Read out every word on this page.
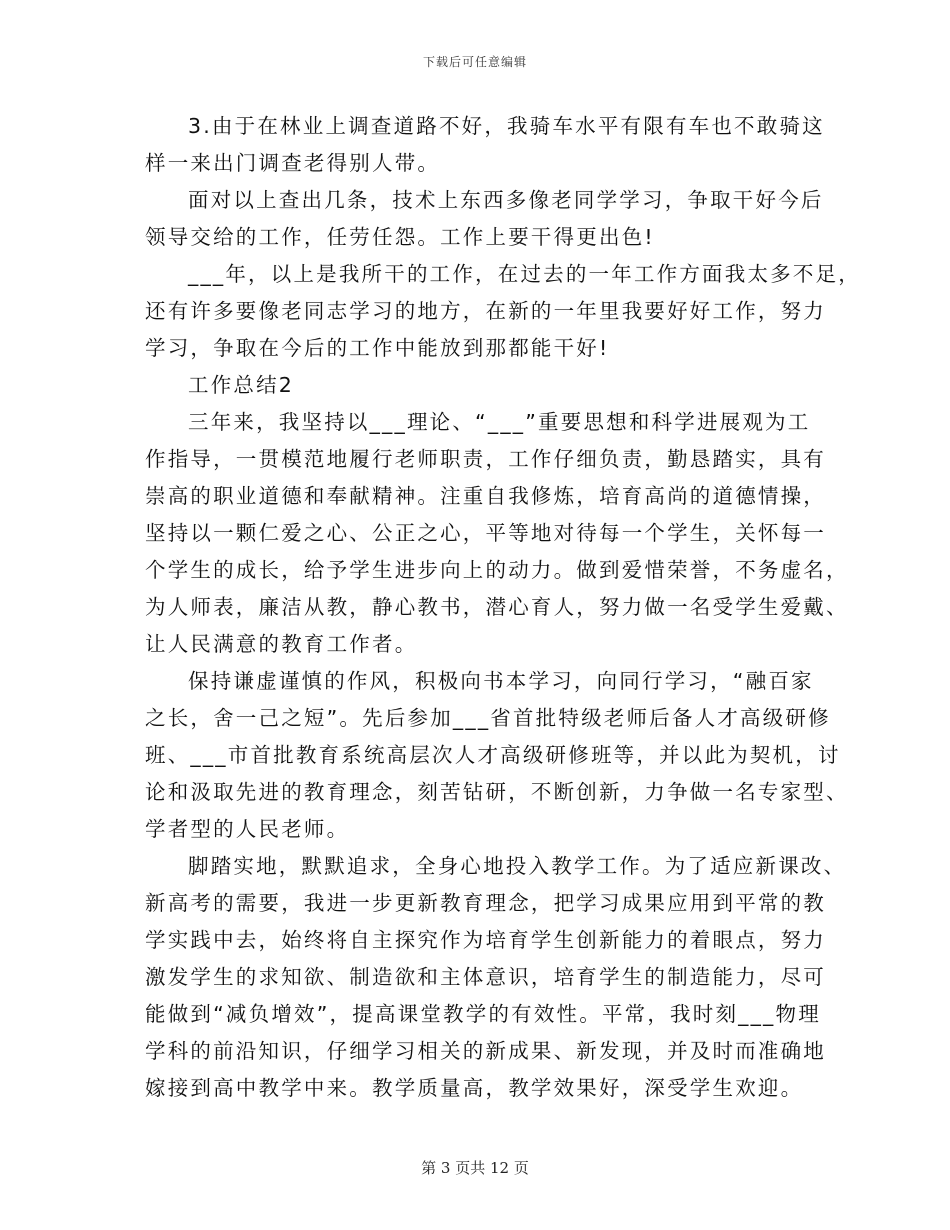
下载后可任意编辑
3.由于在林业上调查道路不好，我骑车水平有限有车也不敢骑这
样一来出门调查老得别人带。
面对以上查出几条，技术上东西多像老同学学习，争取干好今后
领导交给的工作，任劳任怨。工作上要干得更出色!
___年，以上是我所干的工作，在过去的一年工作方面我太多不足，
还有许多要像老同志学习的地方，在新的一年里我要好好工作，努力
学习，争取在今后的工作中能放到那都能干好!
工作总结2
三年来，我坚持以___理论、“___”重要思想和科学进展观为工
作指导，一贯模范地履行老师职责，工作仔细负责，勤恳踏实，具有
崇高的职业道德和奉献精神。注重自我修炼，培育高尚的道德情操，
坚持以一颗仁爱之心、公正之心，平等地对待每一个学生，关怀每一
个学生的成长，给予学生进步向上的动力。做到爱惜荣誉，不务虚名，
为人师表，廉洁从教，静心教书，潜心育人，努力做一名受学生爱戴、
让人民满意的教育工作者。
保持谦虚谨慎的作风，积极向书本学习，向同行学习，“融百家
之长，舍一己之短”。先后参加___省首批特级老师后备人才高级研修
班、___市首批教育系统高层次人才高级研修班等，并以此为契机，讨
论和汲取先进的教育理念，刻苦钻研，不断创新，力争做一名专家型、
学者型的人民老师。
脚踏实地，默默追求，全身心地投入教学工作。为了适应新课改、
新高考的需要，我进一步更新教育理念，把学习成果应用到平常的教
学实践中去，始终将自主探究作为培育学生创新能力的着眼点，努力
激发学生的求知欲、制造欲和主体意识，培育学生的制造能力，尽可
能做到“减负增效”，提高课堂教学的有效性。平常，我时刻___物理
学科的前沿知识，仔细学习相关的新成果、新发现，并及时而准确地
嫁接到高中教学中来。教学质量高，教学效果好，深受学生欢迎。
第 3 页共 12 页
